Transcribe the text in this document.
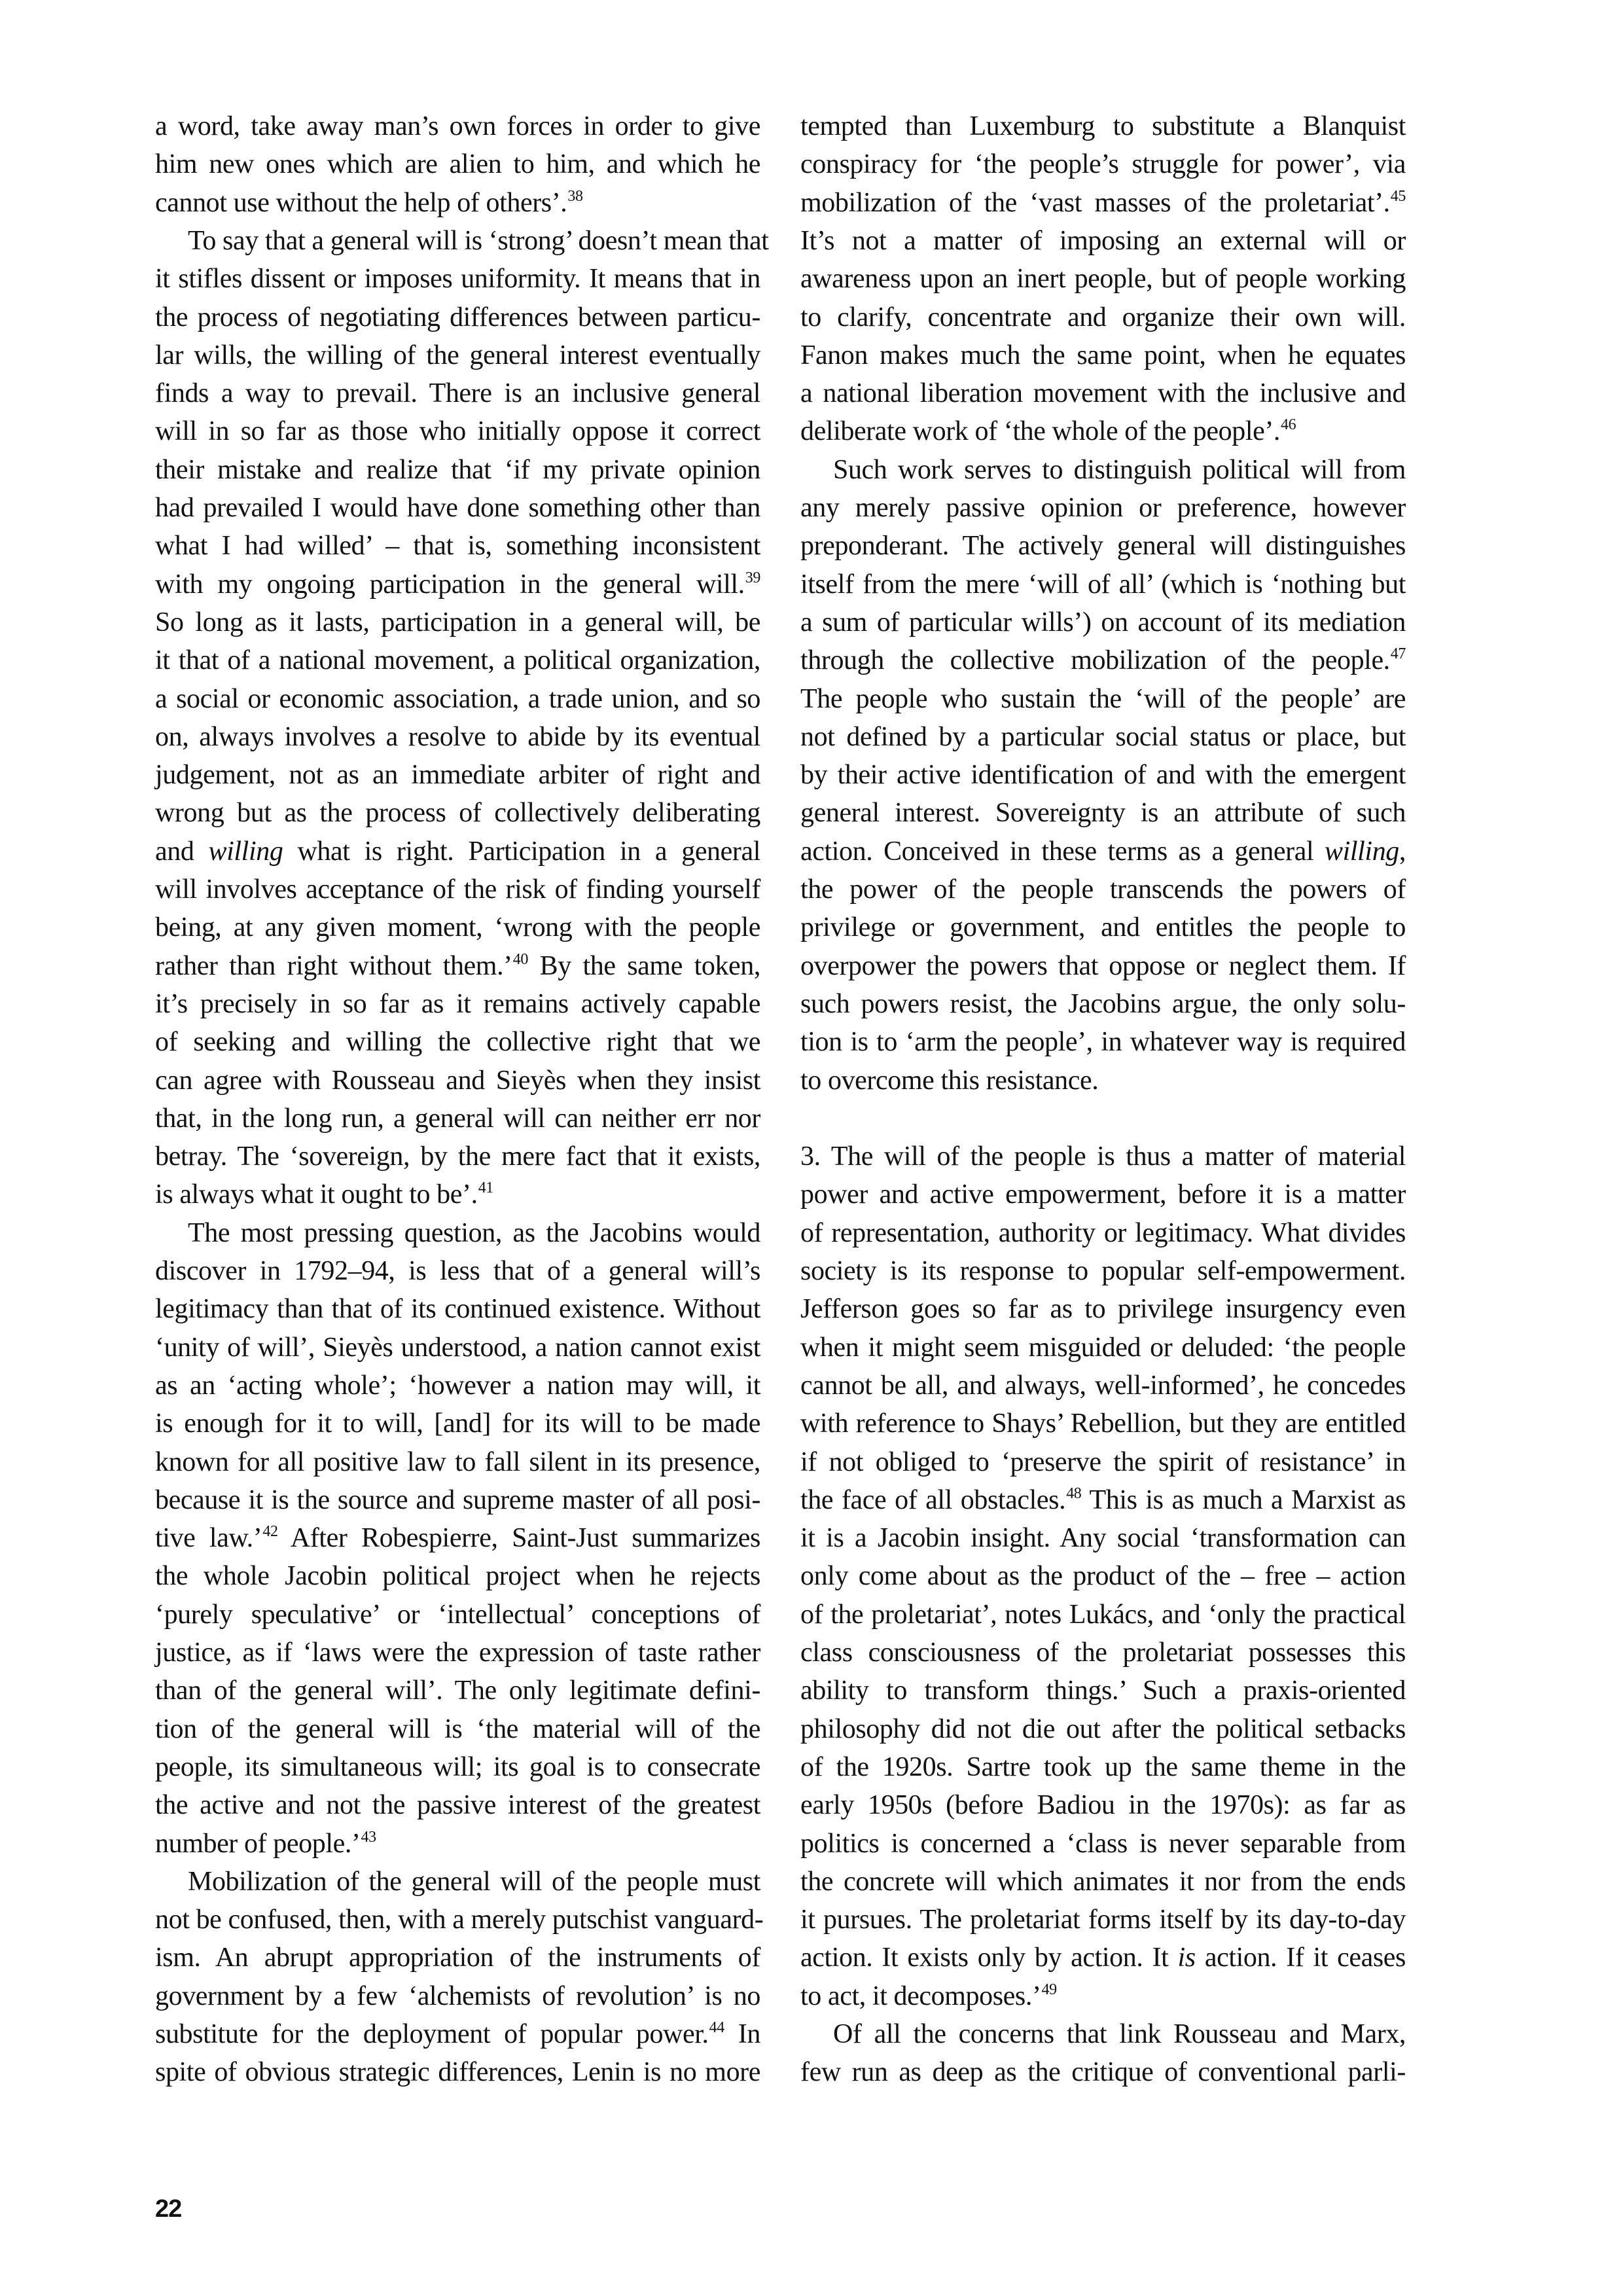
a word, take away man’s own forces in order to give
him new ones which are alien to him, and which he
cannot use without the help of others’.$^{38}$
To say that a general will is ‘strong’ doesn’t mean that
it stifles dissent or imposes uniformity. It means that in
the process of negotiating differences between particu-
lar wills, the willing of the general interest eventually
finds a way to prevail. There is an inclusive general
will in so far as those who initially oppose it correct
their mistake and realize that ‘if my private opinion
had prevailed I would have done something other than
what I had willed’ – that is, something inconsistent
with my ongoing participation in the general will.$^{39}$
So long as it lasts, participation in a general will, be
it that of a national movement, a political organization,
a social or economic association, a trade union, and so
on, always involves a resolve to abide by its eventual
judgement, not as an immediate arbiter of right and
wrong but as the process of collectively deliberating
and willing what is right. Participation in a general
will involves acceptance of the risk of finding yourself
being, at any given moment, ‘wrong with the people
rather than right without them.’$^{40}$ By the same token,
it’s precisely in so far as it remains actively capable
of seeking and willing the collective right that we
can agree with Rousseau and Sieyès when they insist
that, in the long run, a general will can neither err nor
betray. The ‘sovereign, by the mere fact that it exists,
is always what it ought to be’.$^{41}$
The most pressing question, as the Jacobins would
discover in 1792–94, is less that of a general will’s
legitimacy than that of its continued existence. Without
‘unity of will’, Sieyès understood, a nation cannot exist
as an ‘acting whole’; ‘however a nation may will, it
is enough for it to will, [and] for its will to be made
known for all positive law to fall silent in its presence,
because it is the source and supreme master of all posi-
tive law.’$^{42}$ After Robespierre, Saint-Just summarizes
the whole Jacobin political project when he rejects
‘purely speculative’ or ‘intellectual’ conceptions of
justice, as if ‘laws were the expression of taste rather
than of the general will’. The only legitimate defini-
tion of the general will is ‘the material will of the
people, its simultaneous will; its goal is to consecrate
the active and not the passive interest of the greatest
number of people.’$^{43}$
Mobilization of the general will of the people must
not be confused, then, with a merely putschist vanguard-
ism. An abrupt appropriation of the instruments of
government by a few ‘alchemists of revolution’ is no
substitute for the deployment of popular power.$^{44}$ In
spite of obvious strategic differences, Lenin is no more
tempted than Luxemburg to substitute a Blanquist
conspiracy for ‘the people’s struggle for power’, via
mobilization of the ‘vast masses of the proletariat’.$^{45}$
It’s not a matter of imposing an external will or
awareness upon an inert people, but of people working
to clarify, concentrate and organize their own will.
Fanon makes much the same point, when he equates
a national liberation movement with the inclusive and
deliberate work of ‘the whole of the people’.$^{46}$
Such work serves to distinguish political will from
any merely passive opinion or preference, however
preponderant. The actively general will distinguishes
itself from the mere ‘will of all’ (which is ‘nothing but
a sum of particular wills’) on account of its mediation
through the collective mobilization of the people.$^{47}$
The people who sustain the ‘will of the people’ are
not defined by a particular social status or place, but
by their active identification of and with the emergent
general interest. Sovereignty is an attribute of such
action. Conceived in these terms as a general willing,
the power of the people transcends the powers of
privilege or government, and entitles the people to
overpower the powers that oppose or neglect them. If
such powers resist, the Jacobins argue, the only solu-
tion is to ‘arm the people’, in whatever way is required
to overcome this resistance.
3. The will of the people is thus a matter of material
power and active empowerment, before it is a matter
of representation, authority or legitimacy. What divides
society is its response to popular self-empowerment.
Jefferson goes so far as to privilege insurgency even
when it might seem misguided or deluded: ‘the people
cannot be all, and always, well-informed’, he concedes
with reference to Shays’ Rebellion, but they are entitled
if not obliged to ‘preserve the spirit of resistance’ in
the face of all obstacles.$^{48}$ This is as much a Marxist as
it is a Jacobin insight. Any social ‘transformation can
only come about as the product of the – free – action
of the proletariat’, notes Lukács, and ‘only the practical
class consciousness of the proletariat possesses this
ability to transform things.’ Such a praxis-oriented
philosophy did not die out after the political setbacks
of the 1920s. Sartre took up the same theme in the
early 1950s (before Badiou in the 1970s): as far as
politics is concerned a ‘class is never separable from
the concrete will which animates it nor from the ends
it pursues. The proletariat forms itself by its day-to-day
action. It exists only by action. It is action. If it ceases
to act, it decomposes.’$^{49}$
Of all the concerns that link Rousseau and Marx,
few run as deep as the critique of conventional parli-
22
